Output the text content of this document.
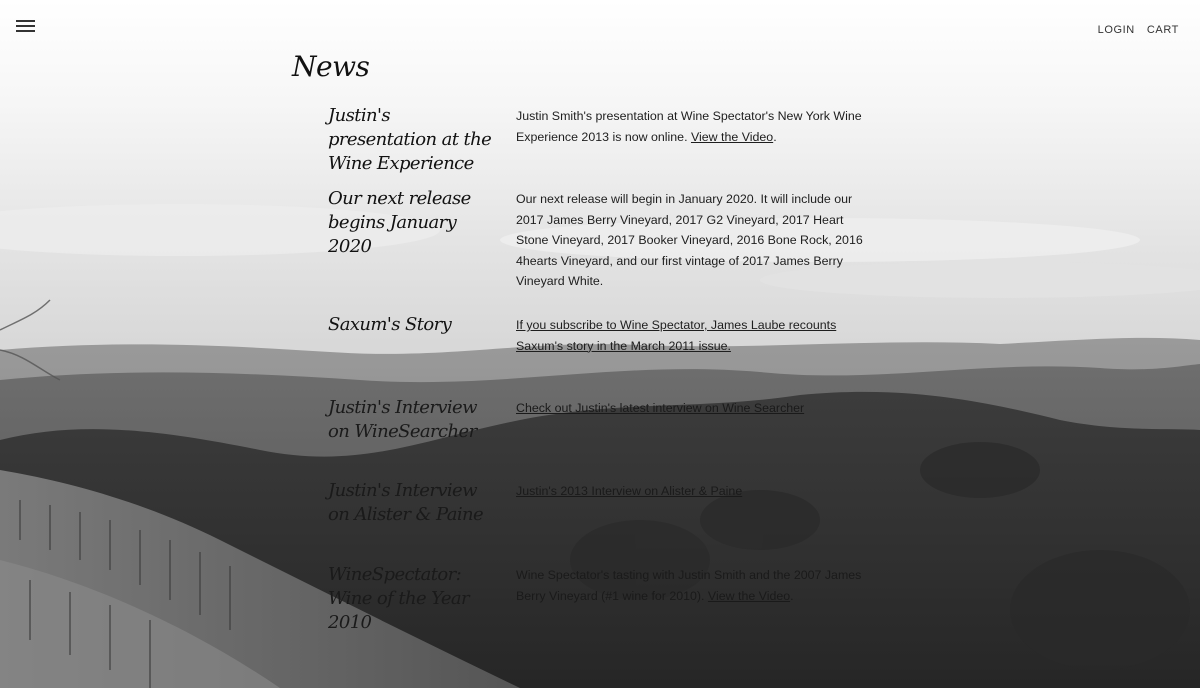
LOGIN CART
News
Justin's presentation at the Wine Experience

Justin Smith's presentation at Wine Spectator's New York Wine Experience 2013 is now online. View the Video.

Our next release begins January 2020

Our next release will begin in January 2020. It will include our 2017 James Berry Vineyard, 2017 G2 Vineyard, 2017 Heart Stone Vineyard, 2017 Booker Vineyard, 2016 Bone Rock, 2016 4hearts Vineyard, and our first vintage of 2017 James Berry Vineyard White.

Saxum's Story	If you subscribe to Wine Spectator, James Laube recounts Saxum's story in the March 2011 issue.

Justin's Interview on WineSearcher

Check out Justin's latest interview on Wine Searcher

Justin's Interview on Alister & Paine

Justin's 2013 Interview on Alister & Paine

WineSpectator: Wine of the Year 2010

Wine Spectator's tasting with Justin Smith and the 2007 James Berry Vineyard (#1 wine for 2010). View the Video.
